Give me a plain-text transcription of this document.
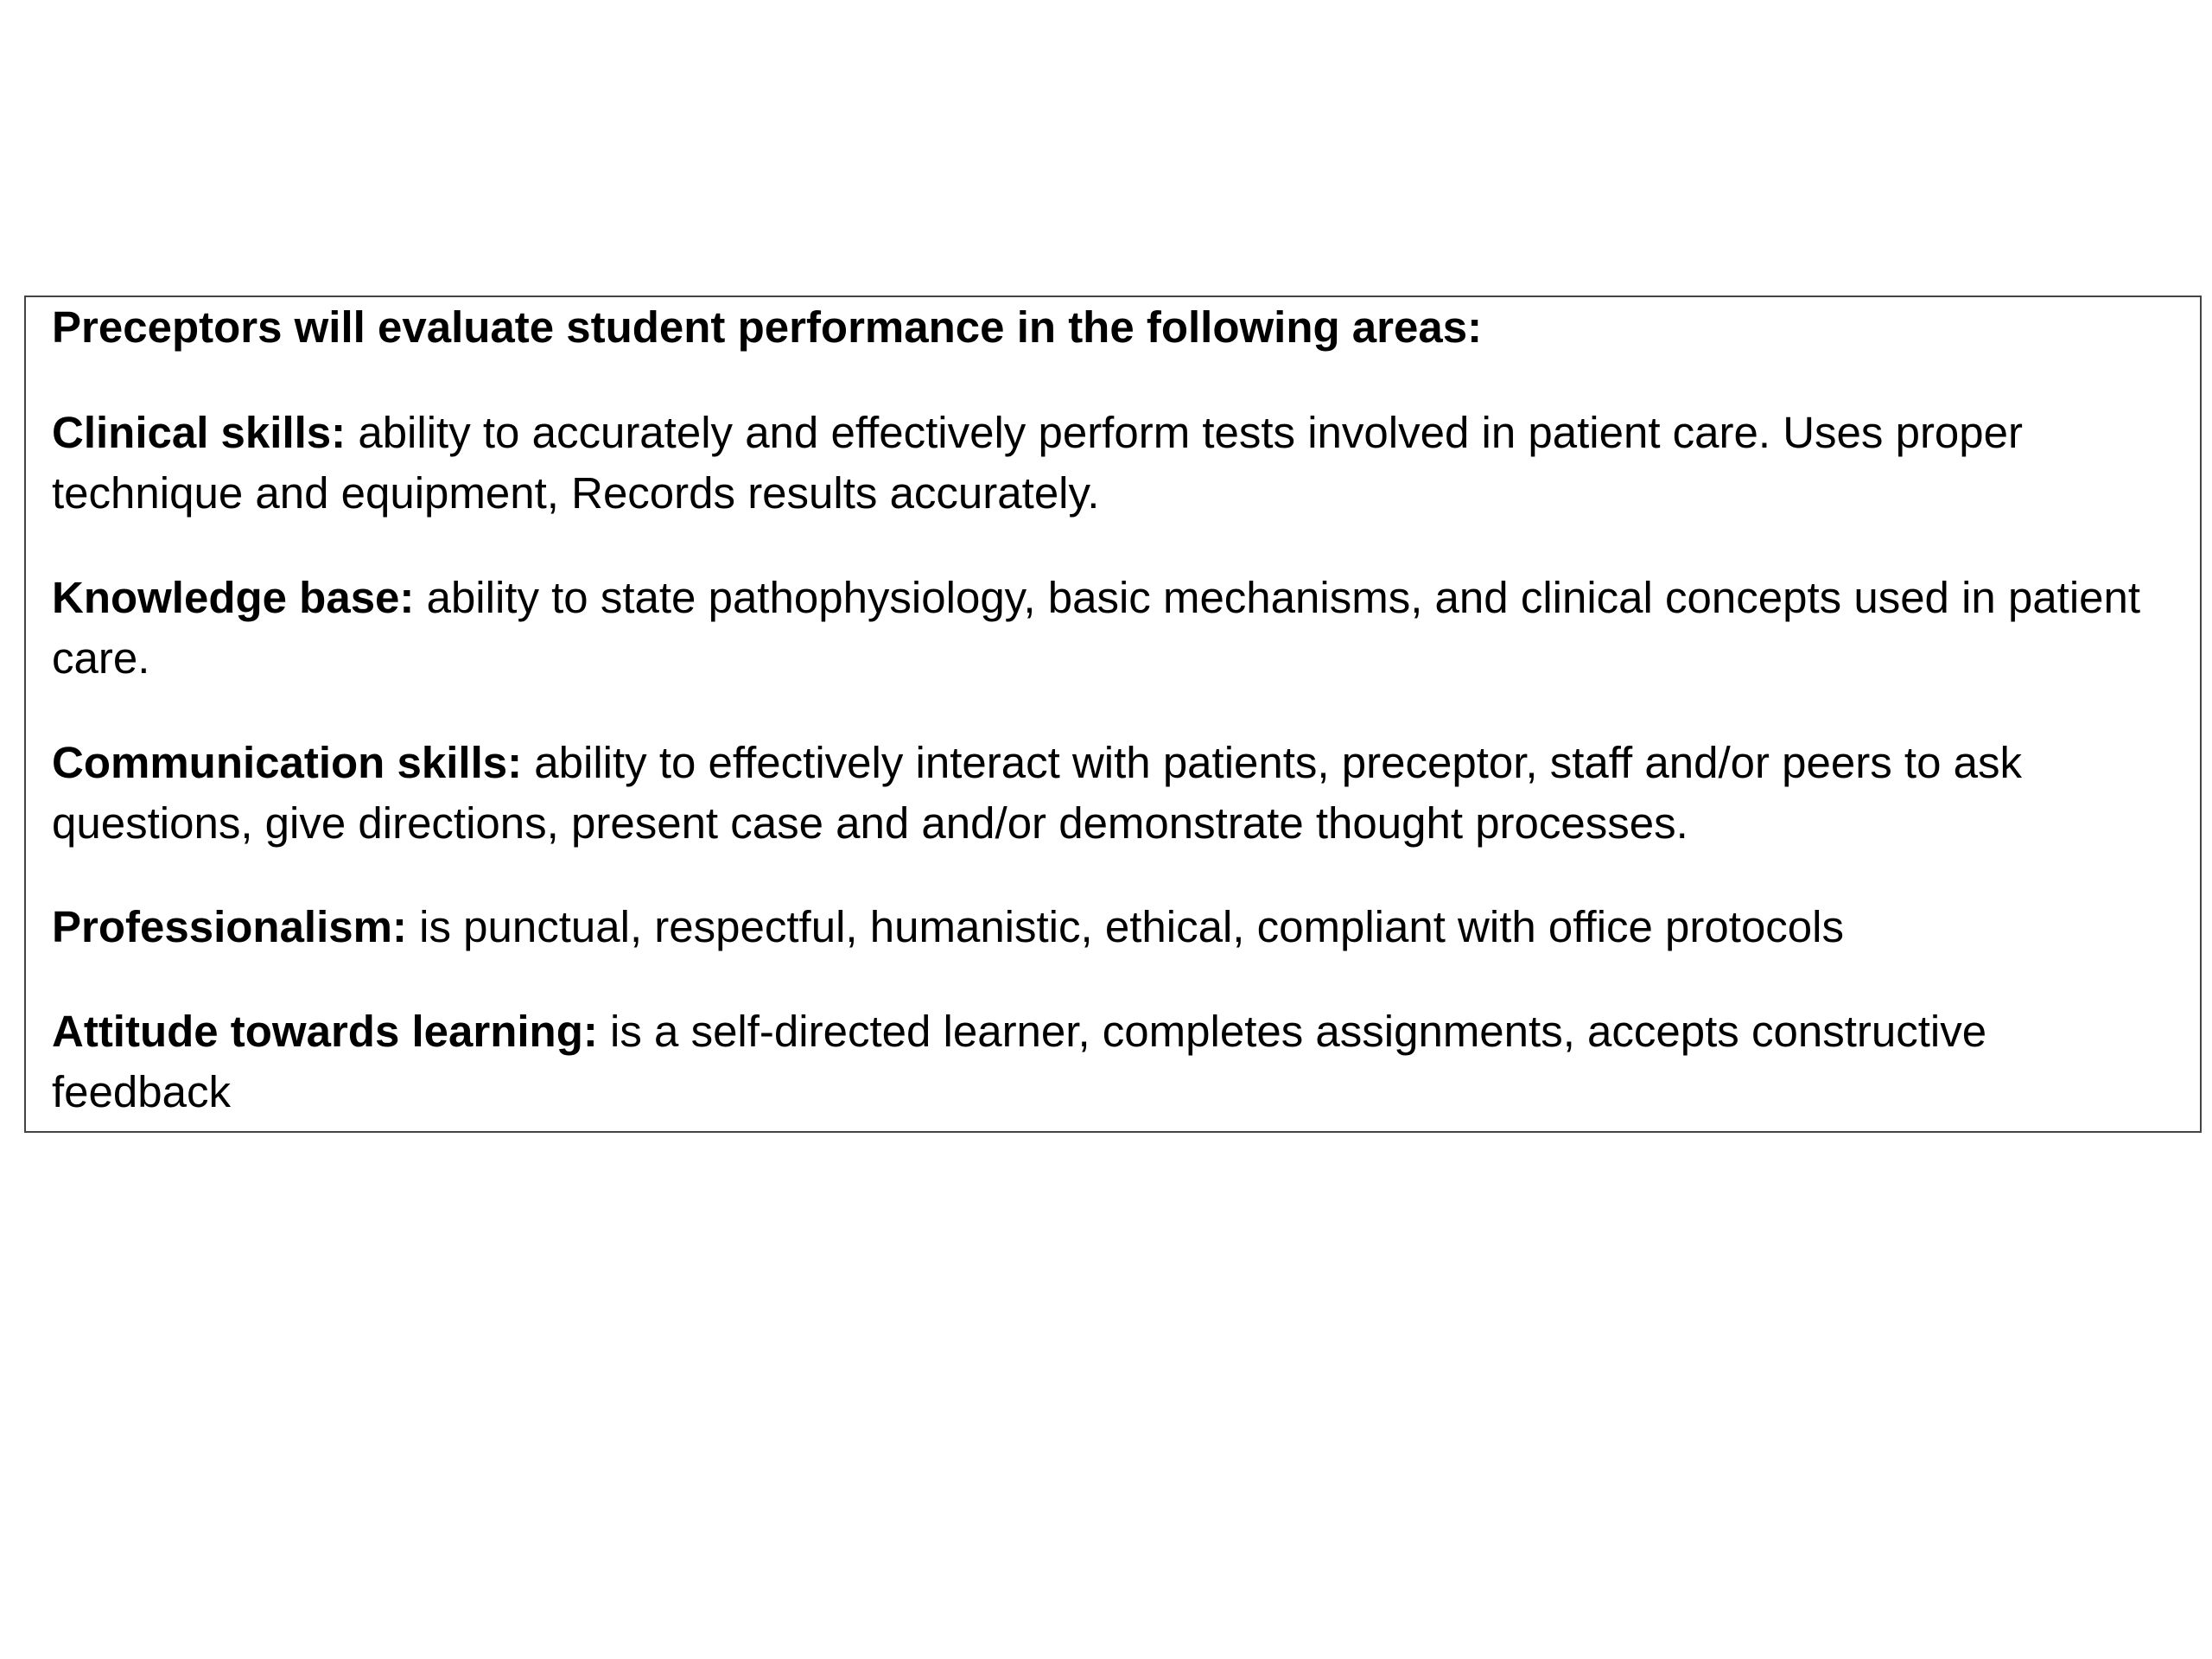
Preceptors will evaluate student performance in the following areas:

Clinical skills: ability to accurately and effectively perform tests involved in patient care. Uses proper technique and equipment, Records results accurately.

Knowledge base: ability to state pathophysiology, basic mechanisms, and clinical concepts used in patient care.

Communication skills: ability to effectively interact with patients, preceptor, staff and/or peers to ask questions, give directions, present case and and/or demonstrate thought processes.

Professionalism: is punctual, respectful, humanistic, ethical, compliant with office protocols

Attitude towards learning: is a self-directed learner, completes assignments, accepts constructive feedback
